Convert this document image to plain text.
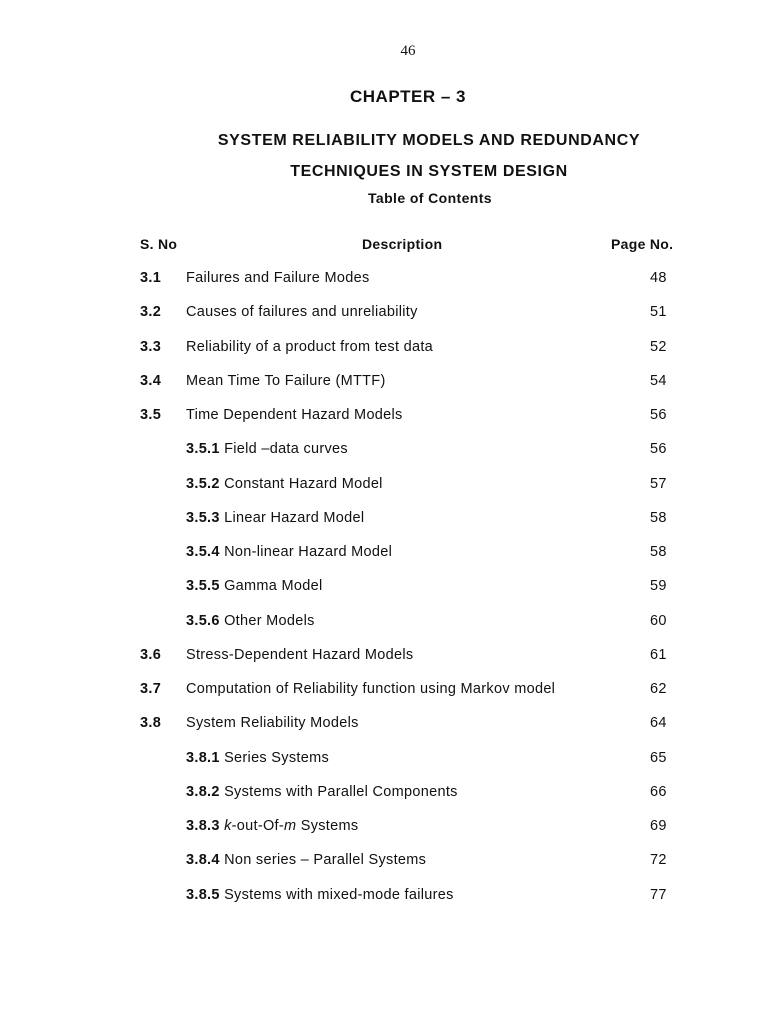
46
CHAPTER – 3
SYSTEM RELIABILITY MODELS AND REDUNDANCY
TECHNIQUES IN SYSTEM DESIGN
Table of Contents
S. No	Description	Page No.
3.1 Failures and Failure Modes	48
3.2 Causes of failures and unreliability	51
3.3 Reliability of a product from test data	52
3.4 Mean Time To Failure (MTTF)	54
3.5 Time Dependent Hazard Models	56
3.5.1 Field –data curves	56
3.5.2 Constant Hazard Model	57
3.5.3 Linear Hazard Model	58
3.5.4 Non-linear Hazard Model	58
3.5.5 Gamma Model	59
3.5.6 Other Models	60
3.6 Stress-Dependent Hazard Models	61
3.7 Computation of Reliability function using Markov model	62
3.8 System Reliability Models	64
3.8.1 Series Systems	65
3.8.2 Systems with Parallel Components	66
3.8.3 k-out-Of-m Systems	69
3.8.4 Non series – Parallel Systems	72
3.8.5 Systems with mixed-mode failures	77
